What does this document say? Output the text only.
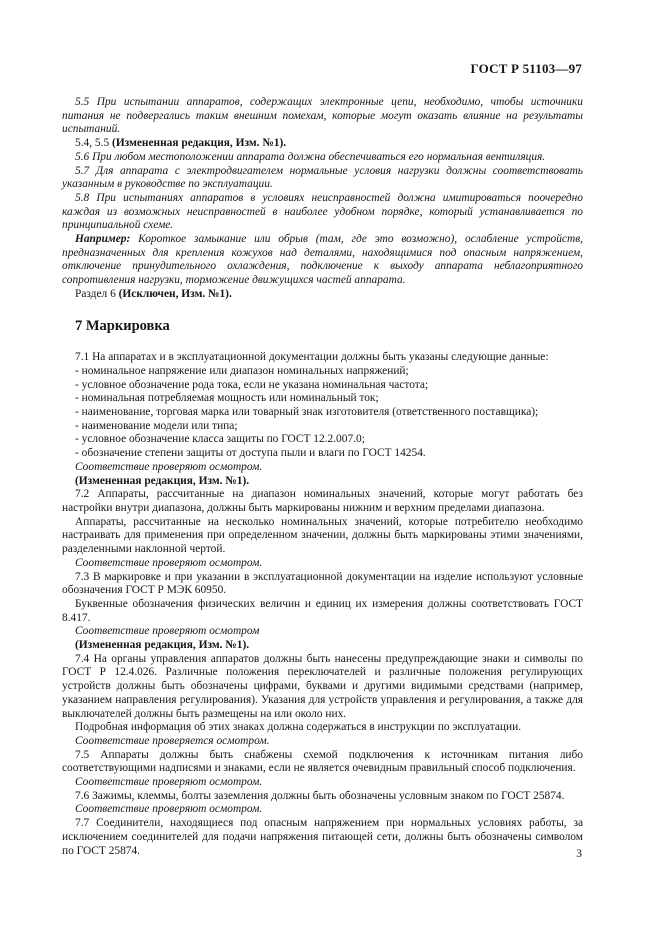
ГОСТ Р 51103—97

5.5 При испытании аппаратов, содержащих электронные цепи, необходимо, чтобы источники питания не подвергались таким внешним помехам, которые могут оказать влияние на результаты испытаний.

5.4, 5.5 (Измененная редакция, Изм. №1).

5.6 При любом местоположении аппарата должна обеспечиваться его нормальная вентиляция.

5.7 Для аппарата с электродвигателем нормальные условия нагрузки должны соответствовать указанным в руководстве по эксплуатации.

5.8 При испытаниях аппаратов в условиях неисправностей должна имитироваться поочередно каждая из возможных неисправностей в наиболее удобном порядке, который устанавливается по принципиальной схеме.

Например: Короткое замыкание или обрыв (там, где это возможно), ослабление устройств, предназначенных для крепления кожухов над деталями, находящимися под опасным напряжением, отключение принудительного охлаждения, подключение к выходу аппарата неблагоприятного сопротивления нагрузки, торможение движущихся частей аппарата.

Раздел 6 (Исключен, Изм. №1).

7 Маркировка

7.1 На аппаратах и в эксплуатационной документации должны быть указаны следующие данные:

- номинальное напряжение или диапазон номинальных напряжений;

- условное обозначение рода тока, если не указана номинальная частота;

- номинальная потребляемая мощность или номинальный ток;

- наименование, торговая марка или товарный знак изготовителя (ответственного поставщика);

- наименование модели или типа;

- условное обозначение класса защиты по ГОСТ 12.2.007.0;

- обозначение степени защиты от доступа пыли и влаги по ГОСТ 14254.

Соответствие проверяют осмотром.

(Измененная редакция, Изм. №1).

7.2 Аппараты, рассчитанные на диапазон номинальных значений, которые могут работать без настройки внутри диапазона, должны быть маркированы нижним и верхним пределами диапазона.

Аппараты, рассчитанные на несколько номинальных значений, которые потребителю необходимо настраивать для применения при определенном значении, должны быть маркированы этими значениями, разделенными наклонной чертой.

Соответствие проверяют осмотром.

7.3 В маркировке и при указании в эксплуатационной документации на изделие используют условные обозначения ГОСТ Р МЭК 60950.

Буквенные обозначения физических величин и единиц их измерения должны соответствовать ГОСТ 8.417.

Соответствие проверяют осмотром

(Измененная редакция, Изм. №1).

7.4 На органы управления аппаратов должны быть нанесены предупреждающие знаки и символы по ГОСТ Р 12.4.026. Различные положения переключателей и различные положения регулирующих устройств должны быть обозначены цифрами, буквами и другими видимыми средствами (например, указанием направления регулирования). Указания для устройств управления и регулирования, а также для выключателей должны быть размещены на или около них.

Подробная информация об этих знаках должна содержаться в инструкции по эксплуатации.

Соответствие проверяется осмотром.

7.5 Аппараты должны быть снабжены схемой подключения к источникам питания либо соответствующими надписями и знаками, если не является очевидным правильный способ подключения.

Соответствие проверяют осмотром.

7.6 Зажимы, клеммы, болты заземления должны быть обозначены условным знаком по ГОСТ 25874.

Соответствие проверяют осмотром.

7.7 Соединители, находящиеся под опасным напряжением при нормальных условиях работы, за исключением соединителей для подачи напряжения питающей сети, должны быть обозначены символом по ГОСТ 25874.	3
